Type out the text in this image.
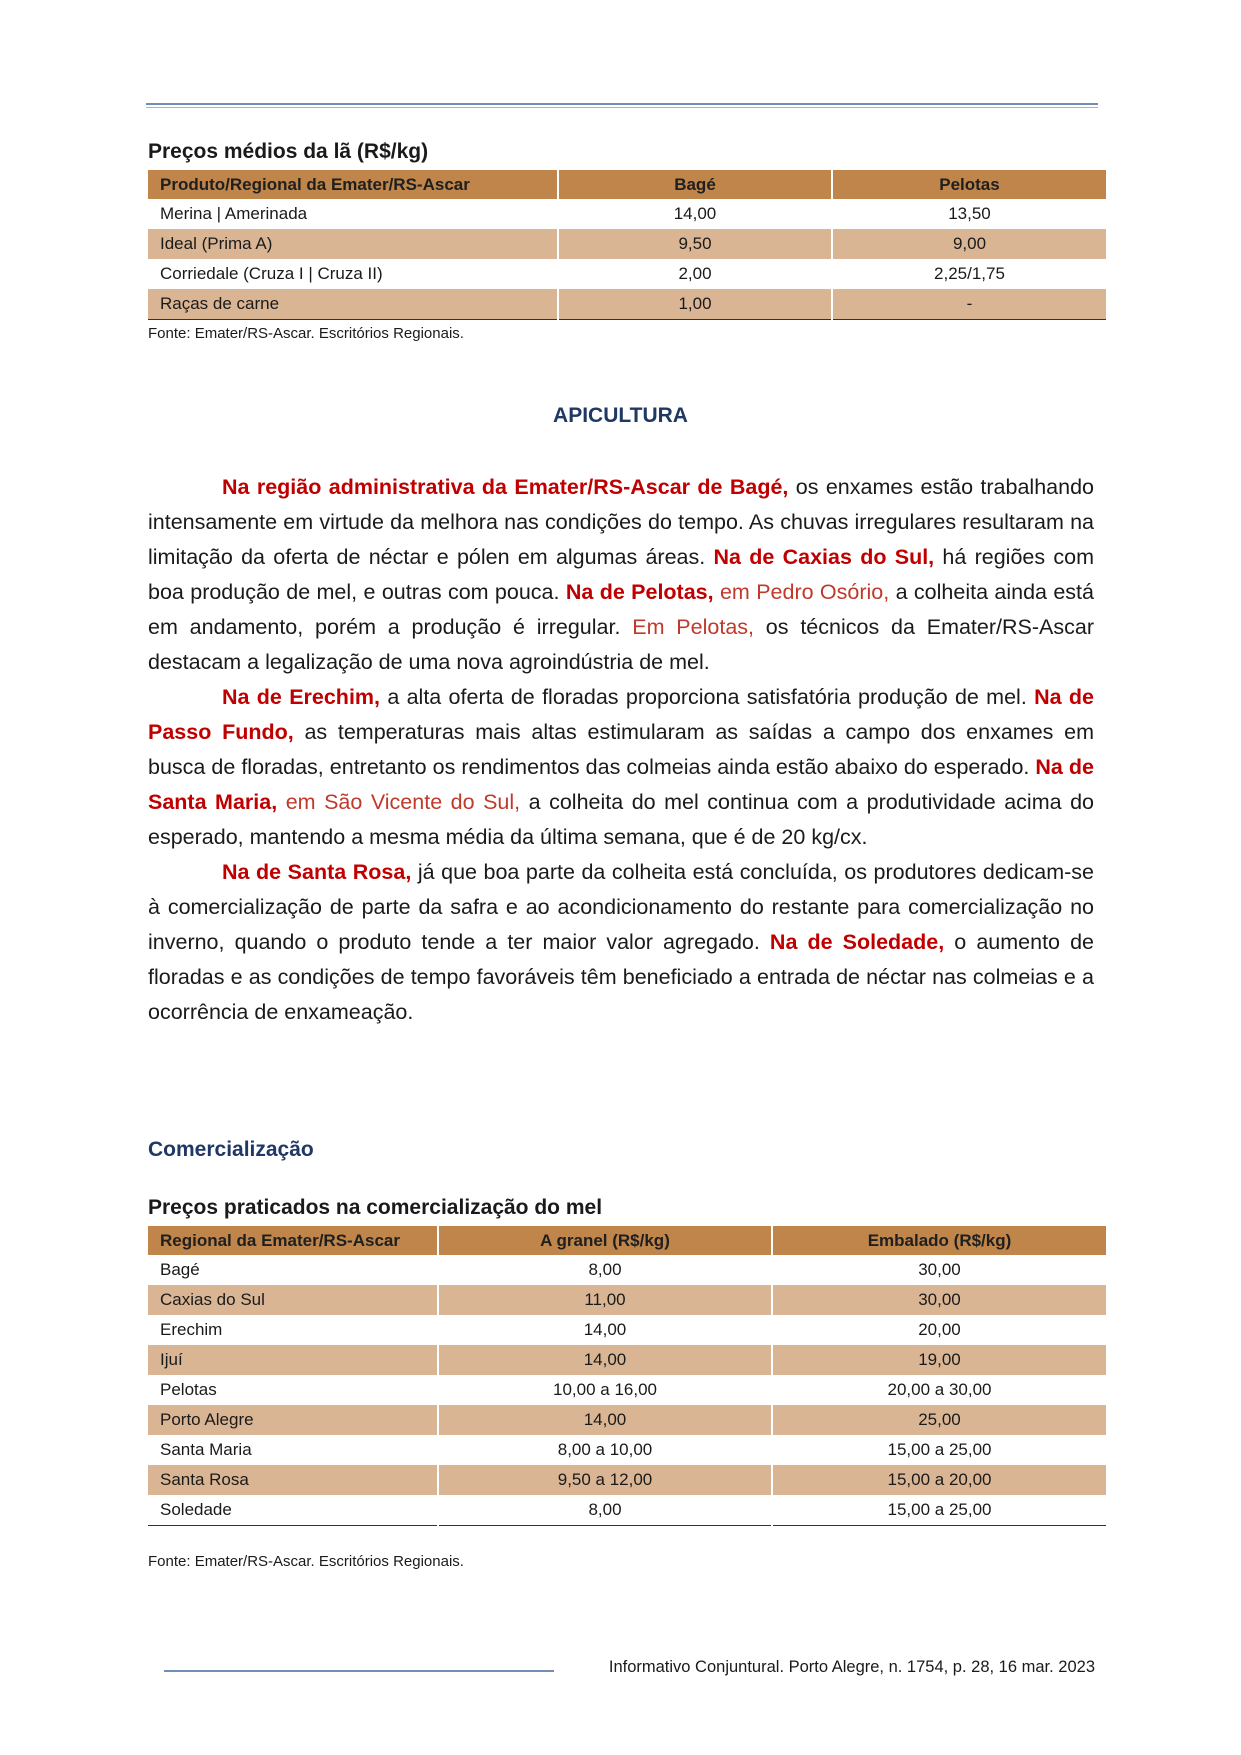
Preços médios da lã (R$/kg)
Produto/Regional da Emater/RS-Ascar	Bagé	Pelotas
Merina | Amerinada	14,00	13,50
Ideal (Prima A)	9,50	9,00
Corriedale (Cruza I | Cruza II)	2,00	2,25/1,75
Raças de carne	1,00	-
Fonte: Emater/RS-Ascar. Escritórios Regionais.
APICULTURA

Na região administrativa da Emater/RS-Ascar de Bagé, os enxames estão trabalhando intensamente em virtude da melhora nas condições do tempo. As chuvas irregulares resultaram na limitação da oferta de néctar e pólen em algumas áreas. Na de Caxias do Sul, há regiões com boa produção de mel, e outras com pouca. Na de Pelotas, em Pedro Osório, a colheita ainda está em andamento, porém a produção é irregular. Em Pelotas, os técnicos da Emater/RS-Ascar destacam a legalização de uma nova agroindústria de mel.

Na de Erechim, a alta oferta de floradas proporciona satisfatória produção de mel. Na de Passo Fundo, as temperaturas mais altas estimularam as saídas a campo dos enxames em busca de floradas, entretanto os rendimentos das colmeias ainda estão abaixo do esperado. Na de Santa Maria, em São Vicente do Sul, a colheita do mel continua com a produtividade acima do esperado, mantendo a mesma média da última semana, que é de 20 kg/cx.

Na de Santa Rosa, já que boa parte da colheita está concluída, os produtores dedicam-se à comercialização de parte da safra e ao acondicionamento do restante para comercialização no inverno, quando o produto tende a ter maior valor agregado. Na de Soledade, o aumento de floradas e as condições de tempo favoráveis têm beneficiado a entrada de néctar nas colmeias e a ocorrência de enxameação.

Comercialização
Preços praticados na comercialização do mel
Regional da Emater/RS-Ascar	A granel (R$/kg)	Embalado (R$/kg)
Bagé	8,00	30,00
Caxias do Sul	11,00	30,00
Erechim	14,00	20,00
Ijuí	14,00	19,00
Pelotas	10,00 a 16,00	20,00 a 30,00
Porto Alegre	14,00	25,00
Santa Maria	8,00 a 10,00	15,00 a 25,00
Santa Rosa	9,50 a 12,00	15,00 a 20,00
Soledade	8,00	15,00 a 25,00
Fonte: Emater/RS-Ascar. Escritórios Regionais.
Informativo Conjuntural. Porto Alegre, n. 1754, p. 28, 16 mar. 2023
